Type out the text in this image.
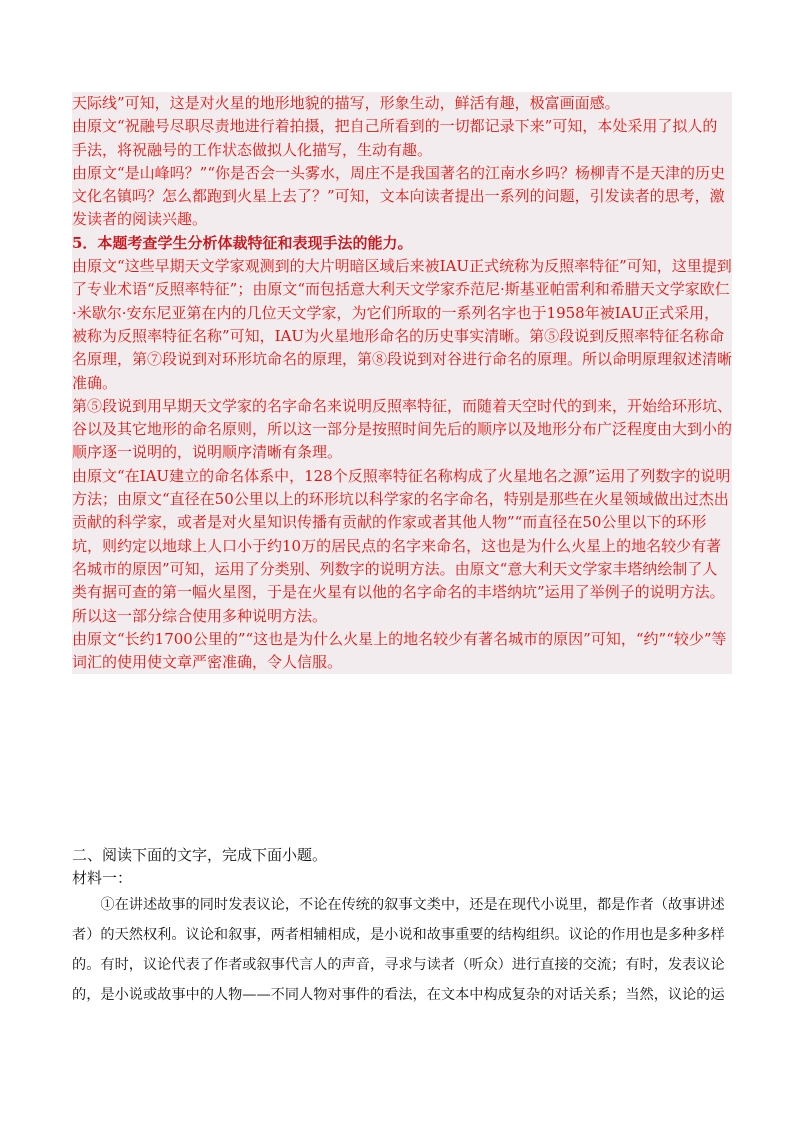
天际线”可知，这是对火星的地形地貌的描写，形象生动，鲜活有趣，极富画面感。

由原文“祝融号尽职尽责地进行着拍摄，把自己所看到的一切都记录下来”可知，本处采用了拟人的手法，将祝融号的工作状态做拟人化描写，生动有趣。

由原文“是山峰吗？”“你是否会一头雾水，周庄不是我国著名的江南水乡吗？杨柳青不是天津的历史文化名镇吗？怎么都跑到火星上去了？”可知，文本向读者提出一系列的问题，引发读者的思考，激发读者的阅读兴趣。

5．本题考查学生分析体裁特征和表现手法的能力。

由原文“这些早期天文学家观测到的大片明暗区域后来被IAU正式统称为反照率特征”可知，这里提到了专业术语“反照率特征”；由原文“而包括意大利天文学家乔范尼·斯基亚帕雷利和希腊天文学家欧仁·米歇尔·安东尼亚第在内的几位天文学家，为它们所取的一系列名字也于1958年被IAU正式采用，被称为反照率特征名称”可知，IAU为火星地形命名的历史事实清晰。第⑤段说到反照率特征名称命名原理，第⑦段说到对环形坑命名的原理，第⑧段说到对谷进行命名的原理。所以命明原理叙述清晰准确。

第⑤段说到用早期天文学家的名字命名来说明反照率特征，而随着天空时代的到来，开始给环形坑、谷以及其它地形的命名原则，所以这一部分是按照时间先后的顺序以及地形分布广泛程度由大到小的顺序逐一说明的，说明顺序清晰有条理。

由原文“在IAU建立的命名体系中，128个反照率特征名称构成了火星地名之源”运用了列数字的说明方法；由原文“直径在50公里以上的环形坑以科学家的名字命名，特别是那些在火星领域做出过杰出贡献的科学家，或者是对火星知识传播有贡献的作家或者其他人物”“而直径在50公里以下的环形坑，则约定以地球上人口小于约10万的居民点的名字来命名，这也是为什么火星上的地名较少有著名城市的原因”可知，运用了分类别、列数字的说明方法。由原文“意大利天文学家丰塔纳绘制了人类有据可查的第一幅火星图，于是在火星有以他的名字命名的丰塔纳坑”运用了举例子的说明方法。所以这一部分综合使用多种说明方法。

由原文“长约1700公里的”“这也是为什么火星上的地名较少有著名城市的原因”可知，“约”“较少”等词汇的使用使文章严密准确，令人信服。

二、阅读下面的文字，完成下面小题。

材料一：

①在讲述故事的同时发表议论，不论在传统的叙事文类中，还是在现代小说里，都是作者（故事讲述者）的天然权利。议论和叙事，两者相辅相成，是小说和故事重要的结构组织。议论的作用也是多种多样的。有时，议论代表了作者或叙事代言人的声音，寻求与读者（听众）进行直接的交流；有时，发表议论的，是小说或故事中的人物——不同人物对事件的看法，在文本中构成复杂的对话关系；当然，议论的运
